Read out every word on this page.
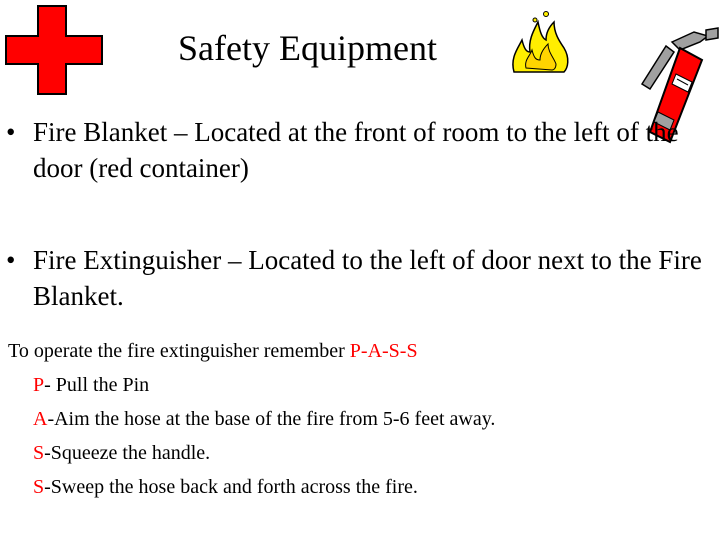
Safety Equipment
• Fire Blanket – Located at the front of room to the left of the door (red container)
• Fire Extinguisher – Located to the left of door next to the Fire Blanket.
To operate the fire extinguisher remember P-A-S-S
P- Pull the Pin
A-Aim the hose at the base of the fire from 5-6 feet away.
S-Squeeze the handle.
S-Sweep the hose back and forth across the fire.
